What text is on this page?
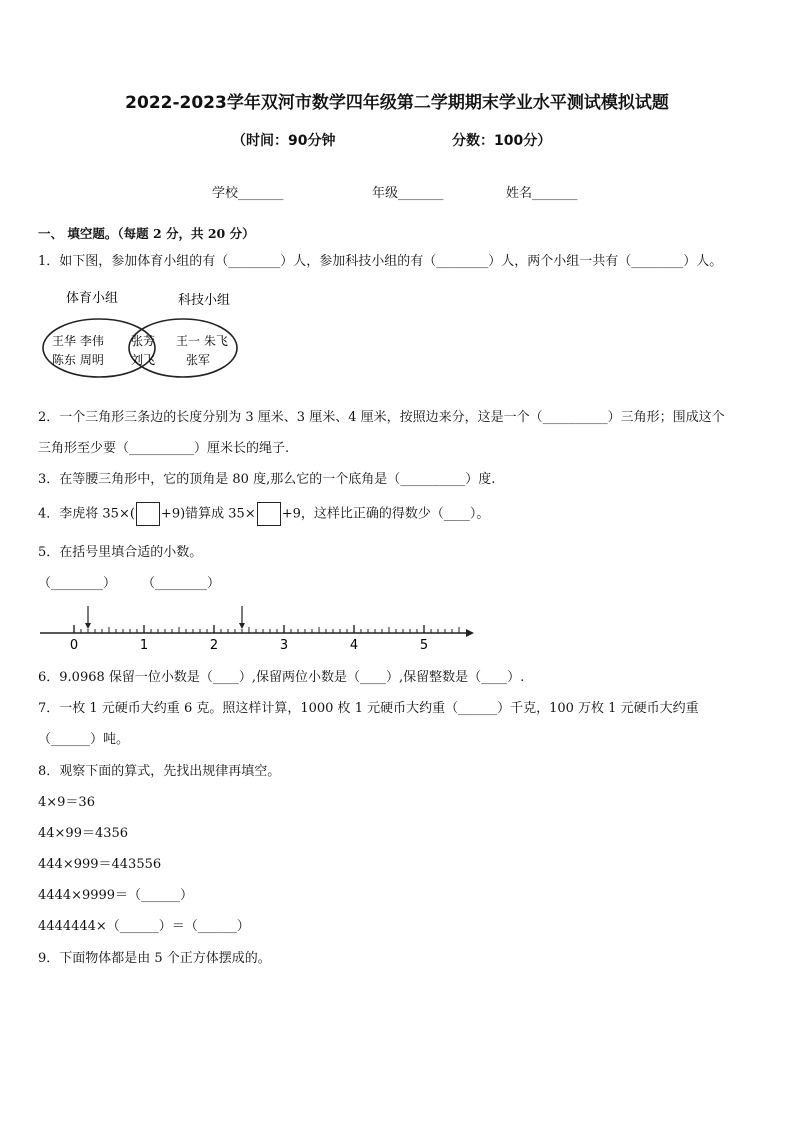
2022-2023学年双河市数学四年级第二学期期末学业水平测试模拟试题
（时间：90分钟	分数：100分）
学校_______	年级_______	姓名_______
一、 填空题。（每题 2 分，共 20 分）
1．如下图，参加体育小组的有（________）人，参加科技小组的有（________）人，两个小组一共有（________）人。
体育小组	科技小组
王华 李伟
陈东 周明
张芳
刘飞
王一 朱飞
张军
2．一个三角形三条边的长度分别为 3 厘米、3 厘米、4 厘米，按照边来分，这是一个（__________）三角形；围成这个
三角形至少要（__________）厘米长的绳子.
3．在等腰三角形中，它的顶角是 80 度,那么它的一个底角是（__________）度.
4．李虎将 35×( +9)错算成 35× +9，这样比正确的得数少（____）。
5．在括号里填合适的小数。
（________） （________）
0	1	2	3	4	5
6．9.0968 保留一位小数是（____）,保留两位小数是（____）,保留整数是（____）.
7．一枚 1 元硬币大约重 6 克。照这样计算，1000 枚 1 元硬币大约重（______）千克，100 万枚 1 元硬币大约重
（______）吨。
8．观察下面的算式，先找出规律再填空。
4×9＝36
44×99＝4356
444×999＝443556
4444×9999＝（______）
4444444×（______）＝（______）
9．下面物体都是由 5 个正方体摆成的。
